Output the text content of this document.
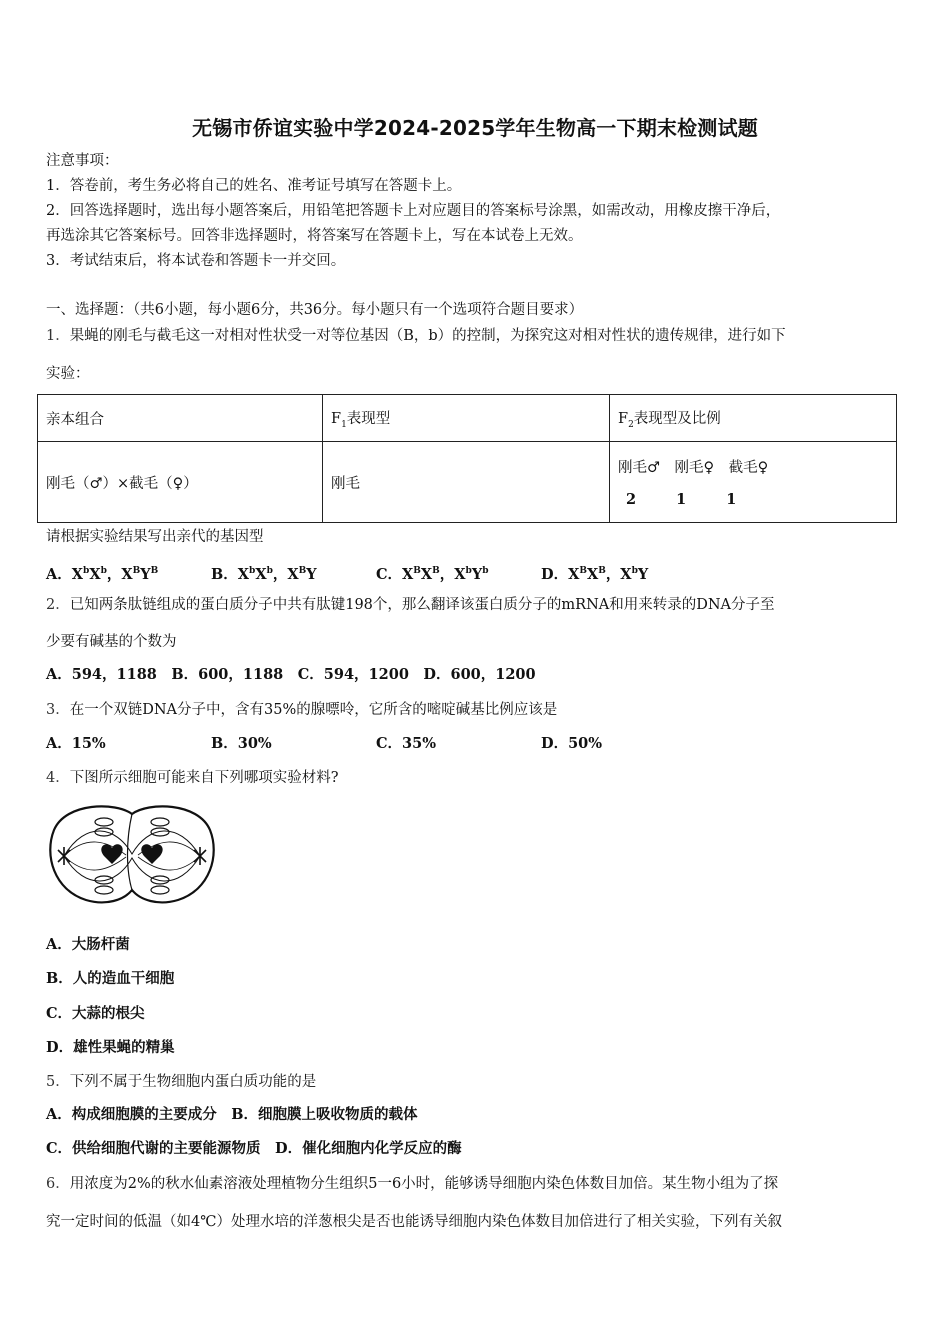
无锡市侨谊实验中学2024-2025学年生物高一下期末检测试题
注意事项：
1．答卷前，考生务必将自己的姓名、准考证号填写在答题卡上。
2．回答选择题时，选出每小题答案后，用铅笔把答题卡上对应题目的答案标号涂黑，如需改动，用橡皮擦干净后，
再选涂其它答案标号。回答非选择题时，将答案写在答题卡上，写在本试卷上无效。
3．考试结束后，将本试卷和答题卡一并交回。
一、选择题：（共6小题，每小题6分，共36分。每小题只有一个选项符合题目要求）
1．果蝇的刚毛与截毛这一对相对性状受一对等位基因（B，b）的控制，为探究这对相对性状的遗传规律，进行如下
实验：
亲本组合	$F_1$表现型	$F_2$表现型及比例
刚毛（♂）×截毛（♀）	刚毛	刚毛♂　刚毛♀　截毛♀
2 1 1
请根据实验结果写出亲代的基因型
A．$X^bX^b$，$X^BY^B$	B．$X^bX^b$，$X^BY$	C．$X^BX^B$，$X^bY^b$	D．$X^BX^B$，$X^bY$
2．已知两条肽链组成的蛋白质分子中共有肽键198个，那么翻译该蛋白质分子的mRNA和用来转录的DNA分子至
少要有碱基的个数为
A．594，1188　B．600，1188　C．594，1200　D．600，1200
3．在一个双链DNA分子中，含有35%的腺嘌呤，它所含的嘧啶碱基比例应该是
A．15%	B．30%	C．35%	D．50%
4．下图所示细胞可能来自下列哪项实验材料?
A．大肠杆菌
B．人的造血干细胞
C．大蒜的根尖
D．雄性果蝇的精巢
5．下列不属于生物细胞内蛋白质功能的是
A．构成细胞膜的主要成分　B．细胞膜上吸收物质的载体
C．供给细胞代谢的主要能源物质　D．催化细胞内化学反应的酶
6．用浓度为2%的秋水仙素溶液处理植物分生组织5一6小时，能够诱导细胞内染色体数目加倍。某生物小组为了探
究一定时间的低温（如4℃）处理水培的洋葱根尖是否也能诱导细胞内染色体数目加倍进行了相关实验，下列有关叙
